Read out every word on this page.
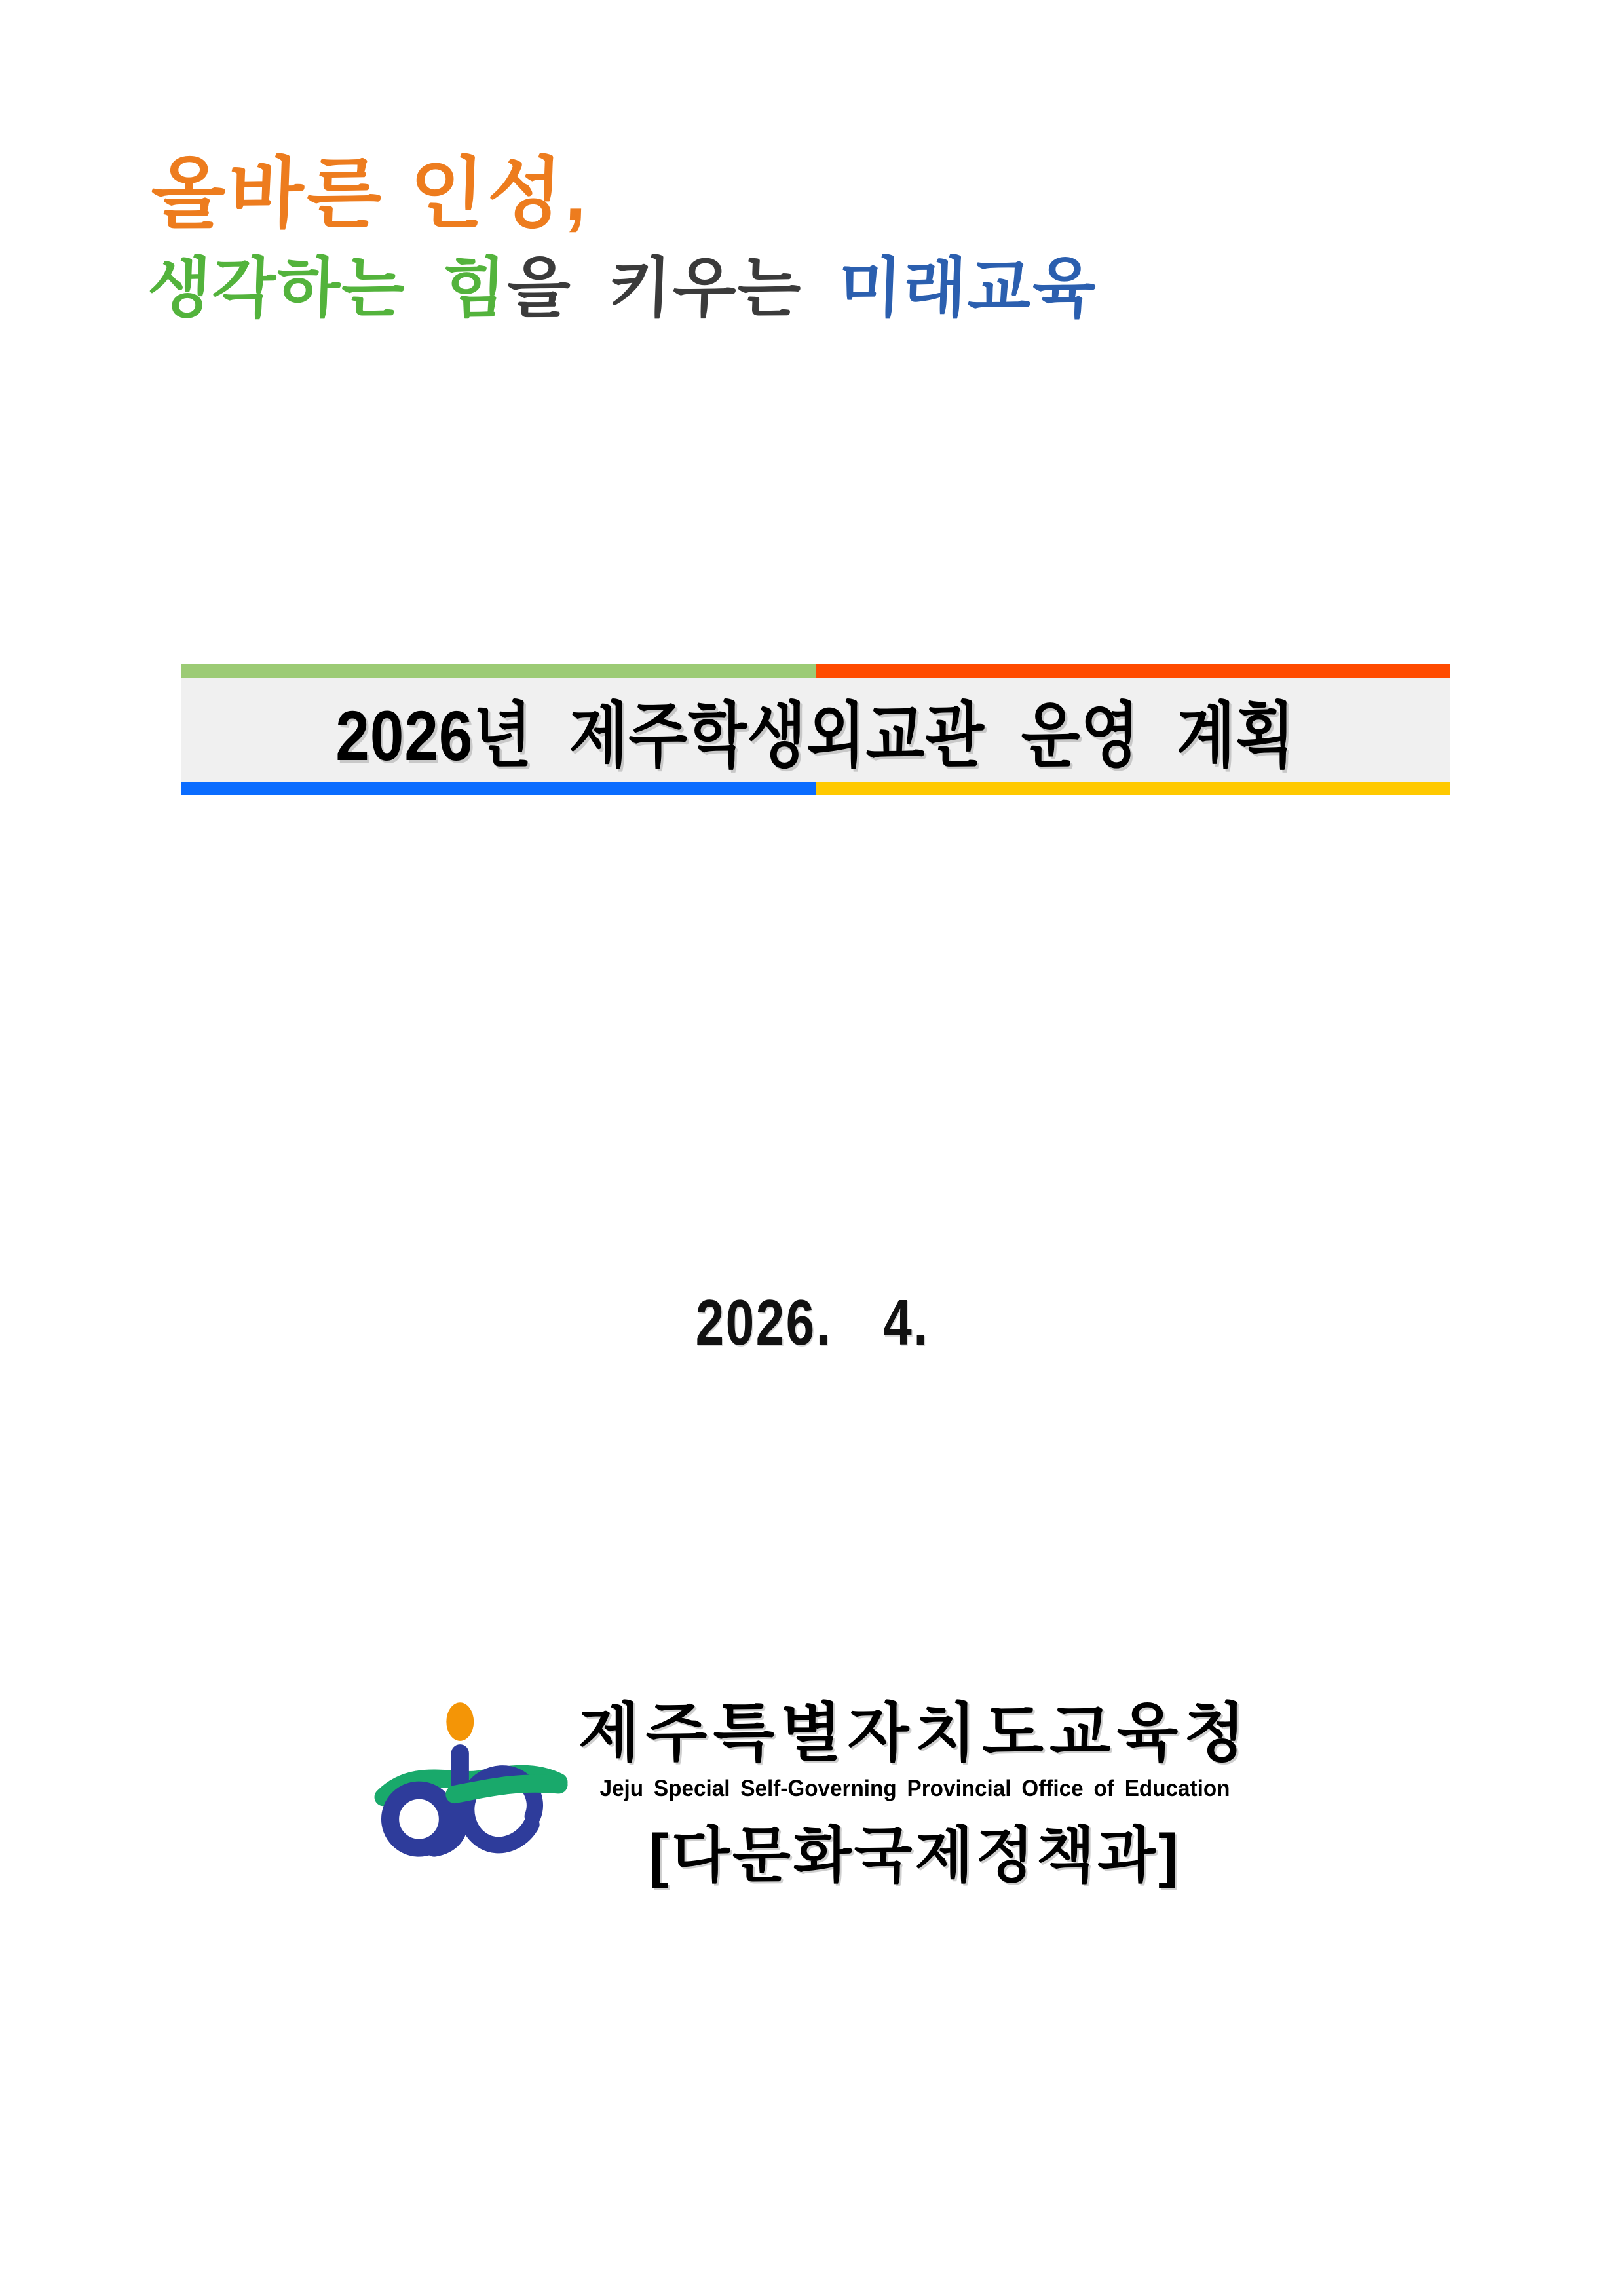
올바른 인성,
생각하는 힘을 키우는 미래교육
2026년 제주학생외교관 운영 계획
2026. 4.
제주특별자치도교육청
Jeju Special Self-Governing Provincial Office of Education
[다문화국제정책과]
